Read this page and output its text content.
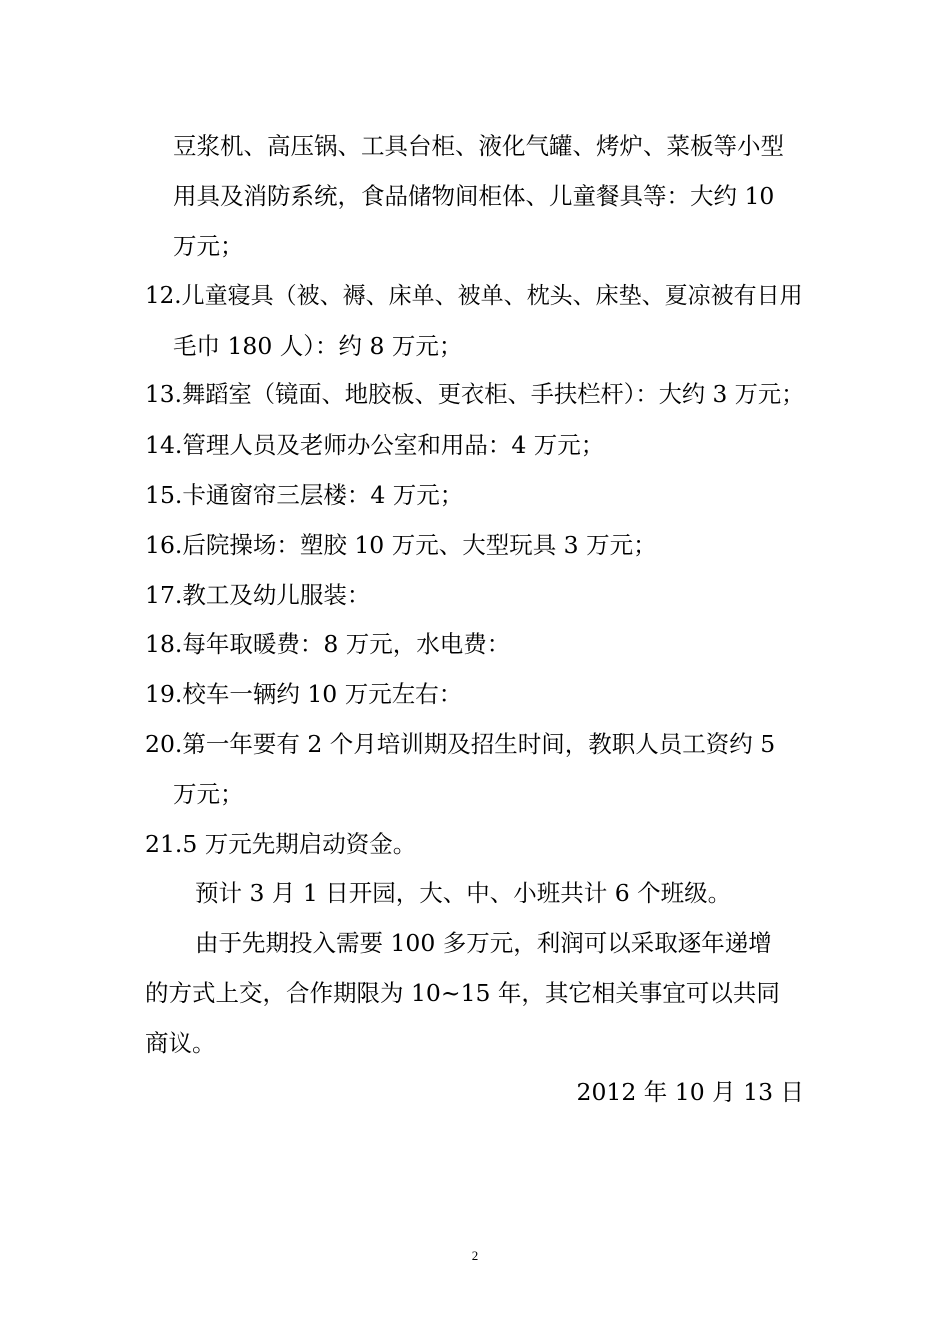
豆浆机、高压锅、工具台柜、液化气罐、烤炉、菜板等小型
用具及消防系统，食品储物间柜体、儿童餐具等：大约 10
万元；
12.儿童寝具（被、褥、床单、被单、枕头、床垫、夏凉被有日用
毛巾 180 人）：约 8 万元；
13.舞蹈室（镜面、地胶板、更衣柜、手扶栏杆）：大约 3 万元；
14.管理人员及老师办公室和用品：4 万元；
15.卡通窗帘三层楼：4 万元；
16.后院操场：塑胶 10 万元、大型玩具 3 万元；
17.教工及幼儿服装：
18.每年取暖费：8 万元，水电费：
19.校车一辆约 10 万元左右：
20.第一年要有 2 个月培训期及招生时间，教职人员工资约 5
万元；
21.5 万元先期启动资金。
预计 3 月 1 日开园，大、中、小班共计 6 个班级。
由于先期投入需要 100 多万元，利润可以采取逐年递增
的方式上交，合作期限为 10~15 年，其它相关事宜可以共同
商议。
2012 年 10 月 13 日
2
